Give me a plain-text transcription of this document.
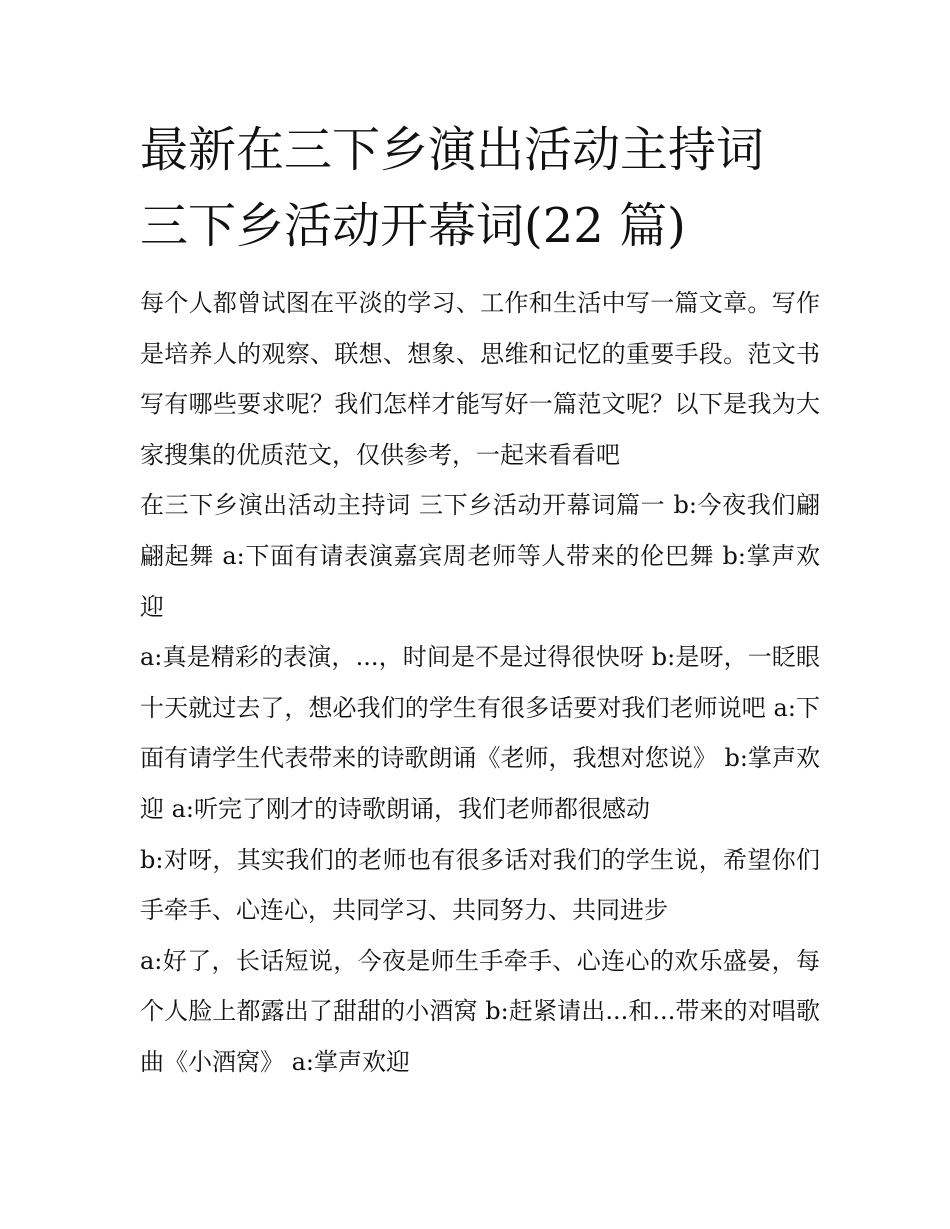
最新在三下乡演出活动主持词
三下乡活动开幕词(22 篇)

每个人都曾试图在平淡的学习、工作和生活中写一篇文章。写作是培养人的观察、联想、想象、思维和记忆的重要手段。范文书写有哪些要求呢？我们怎样才能写好一篇范文呢？以下是我为大家搜集的优质范文，仅供参考，一起来看看吧

在三下乡演出活动主持词 三下乡活动开幕词篇一 b:今夜我们翩翩起舞 a:下面有请表演嘉宾周老师等人带来的伦巴舞 b:掌声欢迎

a:真是精彩的表演，...，时间是不是过得很快呀 b:是呀，一眨眼十天就过去了，想必我们的学生有很多话要对我们老师说吧 a:下面有请学生代表带来的诗歌朗诵《老师，我想对您说》 b:掌声欢迎 a:听完了刚才的诗歌朗诵，我们老师都很感动

b:对呀，其实我们的老师也有很多话对我们的学生说，希望你们手牵手、心连心，共同学习、共同努力、共同进步

a:好了，长话短说，今夜是师生手牵手、心连心的欢乐盛晏，每个人脸上都露出了甜甜的小酒窝 b:赶紧请出...和...带来的对唱歌曲《小酒窝》 a:掌声欢迎
